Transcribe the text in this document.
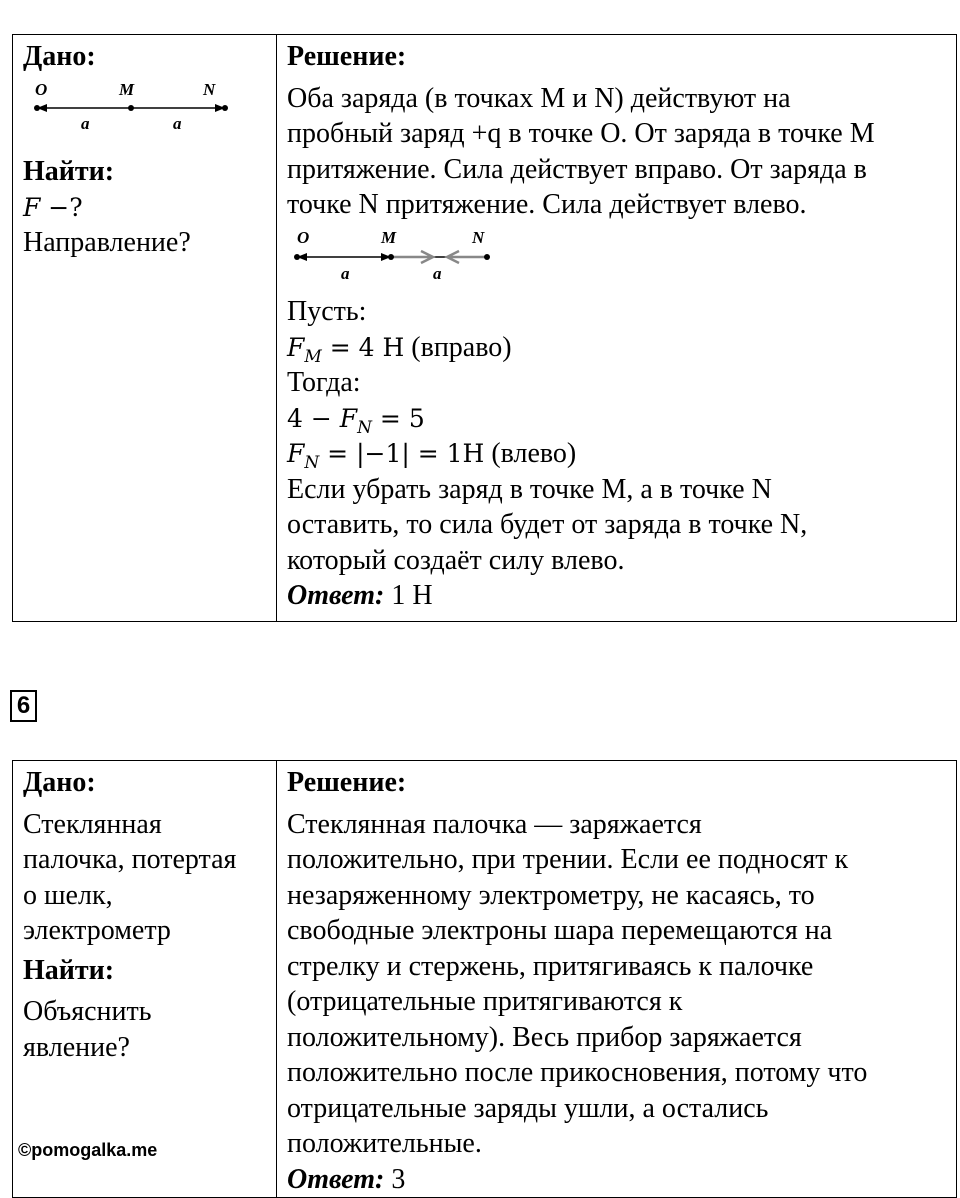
Дано:
O	M	N
a	a
Найти:
F −?
Направление?

Решение:
Оба заряда (в точках M и N) действуют на
пробный заряд +q в точке O. От заряда в точке M
притяжение. Сила действует вправо. От заряда в
точке N притяжение. Сила действует влево.
O	M	N
a	a
Пусть:
$F_M = 4$ Н (вправо)
Тогда:
$4 - F_N = 5$
$F_N = |-1| = 1Н$ (влево)
Если убрать заряд в точке M, а в точке N
оставить, то сила будет от заряда в точке N,
который создаёт силу влево.
Ответ: 1 Н
6
Дано:
Стеклянная
палочка, потертая
о шелк,
электрометр
Найти:
Объяснить
явление?

Решение:
Стеклянная палочка — заряжается
положительно, при трении. Если ее подносят к
незаряженному электрометру, не касаясь, то
свободные электроны шара перемещаются на
стрелку и стержень, притягиваясь к палочке
(отрицательные притягиваются к
положительному). Весь прибор заряжается
положительно после прикосновения, потому что
отрицательные заряды ушли, а остались
положительные.
Ответ: 3
©pomogalka.me
